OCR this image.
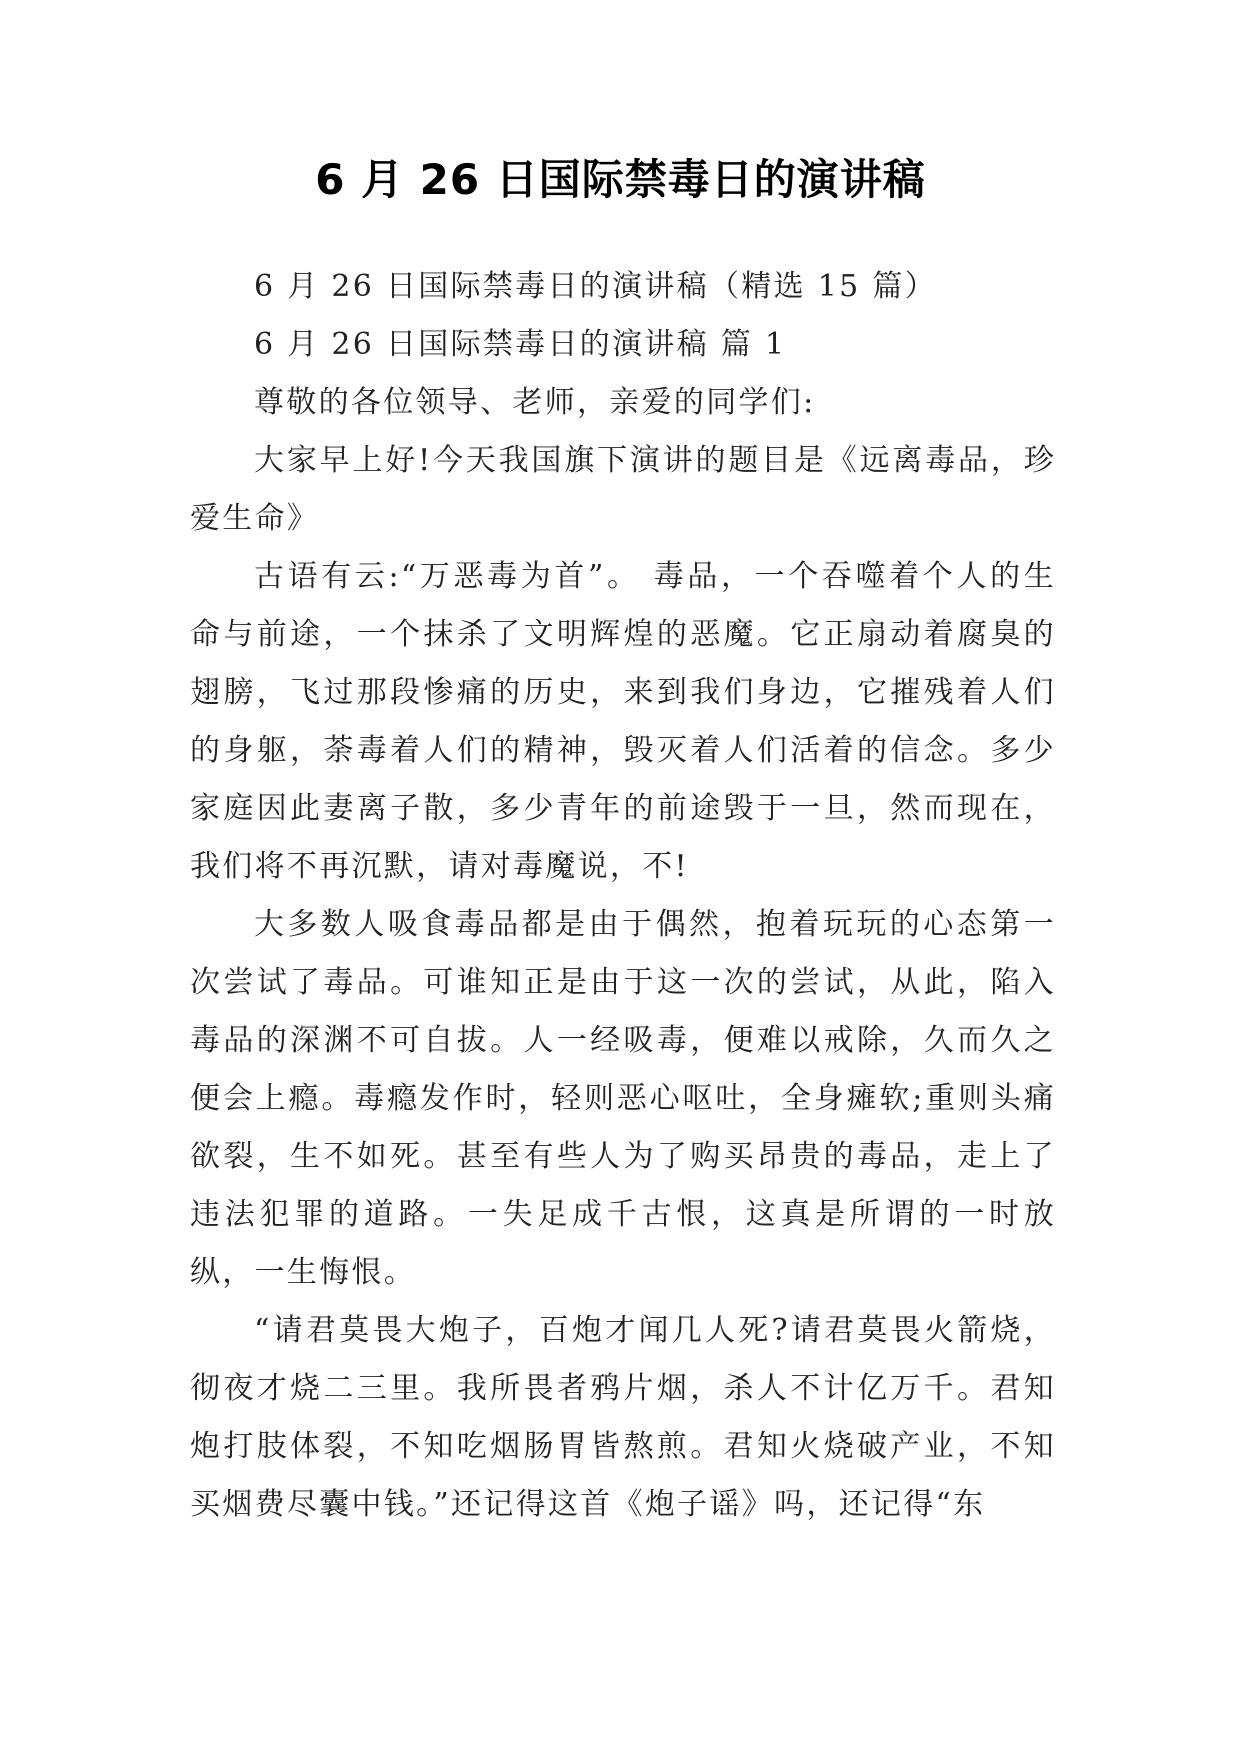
6 月 26 日国际禁毒日的演讲稿

6 月 26 日国际禁毒日的演讲稿（精选 15 篇）

6 月 26 日国际禁毒日的演讲稿 篇 1

尊敬的各位领导、老师，亲爱的同学们:

大家早上好!今天我国旗下演讲的题目是《远离毒品，珍爱生命》

古语有云:“万恶毒为首”。 毒品，一个吞噬着个人的生命与前途，一个抹杀了文明辉煌的恶魔。它正扇动着腐臭的翅膀，飞过那段惨痛的历史，来到我们身边，它摧残着人们的身躯，荼毒着人们的精神，毁灭着人们活着的信念。多少家庭因此妻离子散，多少青年的前途毁于一旦，然而现在，我们将不再沉默，请对毒魔说，不!

大多数人吸食毒品都是由于偶然，抱着玩玩的心态第一次尝试了毒品。可谁知正是由于这一次的尝试，从此，陷入毒品的深渊不可自拔。人一经吸毒，便难以戒除，久而久之便会上瘾。毒瘾发作时，轻则恶心呕吐，全身瘫软;重则头痛欲裂，生不如死。甚至有些人为了购买昂贵的毒品，走上了违法犯罪的道路。一失足成千古恨，这真是所谓的一时放纵，一生悔恨。

“请君莫畏大炮子，百炮才闻几人死?请君莫畏火箭烧，彻夜才烧二三里。我所畏者鸦片烟，杀人不计亿万千。君知炮打肢体裂，不知吃烟肠胃皆熬煎。君知火烧破产业，不知买烟费尽囊中钱。”还记得这首《炮子谣》吗，还记得“东
